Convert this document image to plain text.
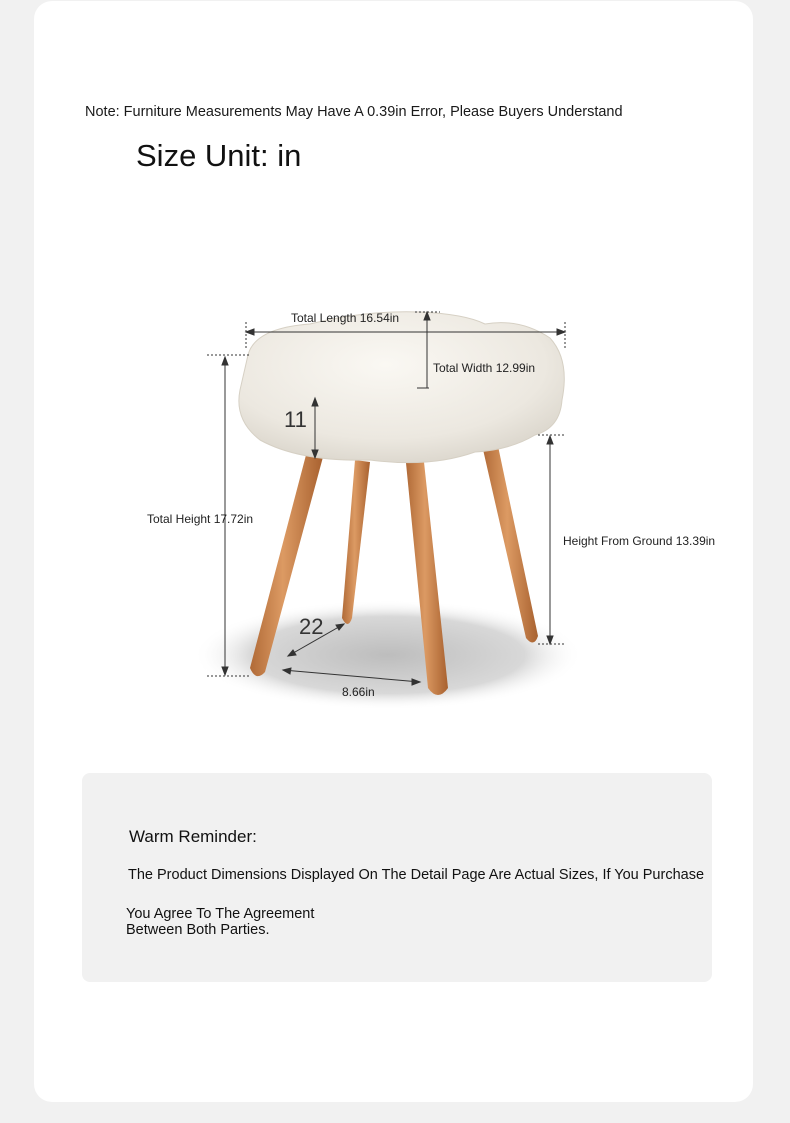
Note: Furniture Measurements May Have A 0.39in Error, Please Buyers Understand
Size Unit: in
11
22
Total Length 16.54in
Total Width 12.99in
Total Height 17.72in
Height From Ground 13.39in
8.66in
Warm Reminder:
The Product Dimensions Displayed On The Detail Page Are Actual Sizes, If You Purchase
You Agree To The Agreement
Between Both Parties.
